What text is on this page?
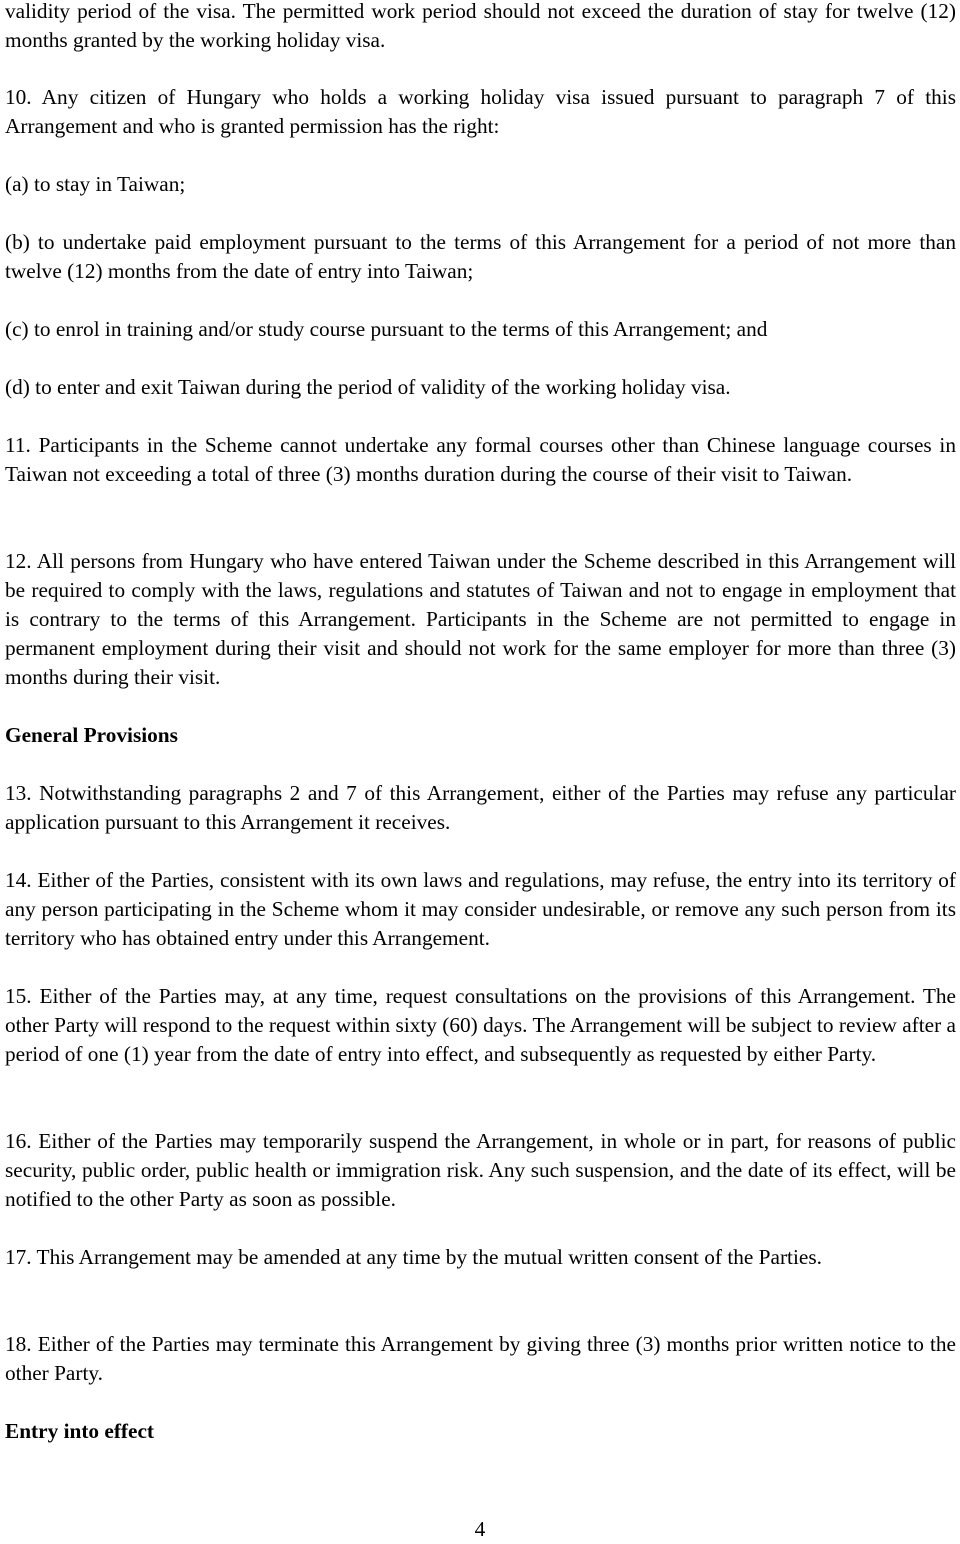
validity period of the visa. The permitted work period should not exceed the duration of stay for twelve (12) months granted by the working holiday visa.

10. Any citizen of Hungary who holds a working holiday visa issued pursuant to paragraph 7 of this Arrangement and who is granted permission has the right:

(a) to stay in Taiwan;

(b) to undertake paid employment pursuant to the terms of this Arrangement for a period of not more than twelve (12) months from the date of entry into Taiwan;

(c) to enrol in training and/or study course pursuant to the terms of this Arrangement; and

(d) to enter and exit Taiwan during the period of validity of the working holiday visa.

11. Participants in the Scheme cannot undertake any formal courses other than Chinese language courses in Taiwan not exceeding a total of three (3) months duration during the course of their visit to Taiwan.

12. All persons from Hungary who have entered Taiwan under the Scheme described in this Arrangement will be required to comply with the laws, regulations and statutes of Taiwan and not to engage in employment that is contrary to the terms of this Arrangement. Participants in the Scheme are not permitted to engage in permanent employment during their visit and should not work for the same employer for more than three (3) months during their visit.

General Provisions

13. Notwithstanding paragraphs 2 and 7 of this Arrangement, either of the Parties may refuse any particular application pursuant to this Arrangement it receives.

14. Either of the Parties, consistent with its own laws and regulations, may refuse, the entry into its territory of any person participating in the Scheme whom it may consider undesirable, or remove any such person from its territory who has obtained entry under this Arrangement.

15. Either of the Parties may, at any time, request consultations on the provisions of this Arrangement. The other Party will respond to the request within sixty (60) days. The Arrangement will be subject to review after a period of one (1) year from the date of entry into effect, and subsequently as requested by either Party.

16. Either of the Parties may temporarily suspend the Arrangement, in whole or in part, for reasons of public security, public order, public health or immigration risk. Any such suspension, and the date of its effect, will be notified to the other Party as soon as possible.

17. This Arrangement may be amended at any time by the mutual written consent of the Parties.

18. Either of the Parties may terminate this Arrangement by giving three (3) months prior written notice to the other Party.

Entry into effect

4
